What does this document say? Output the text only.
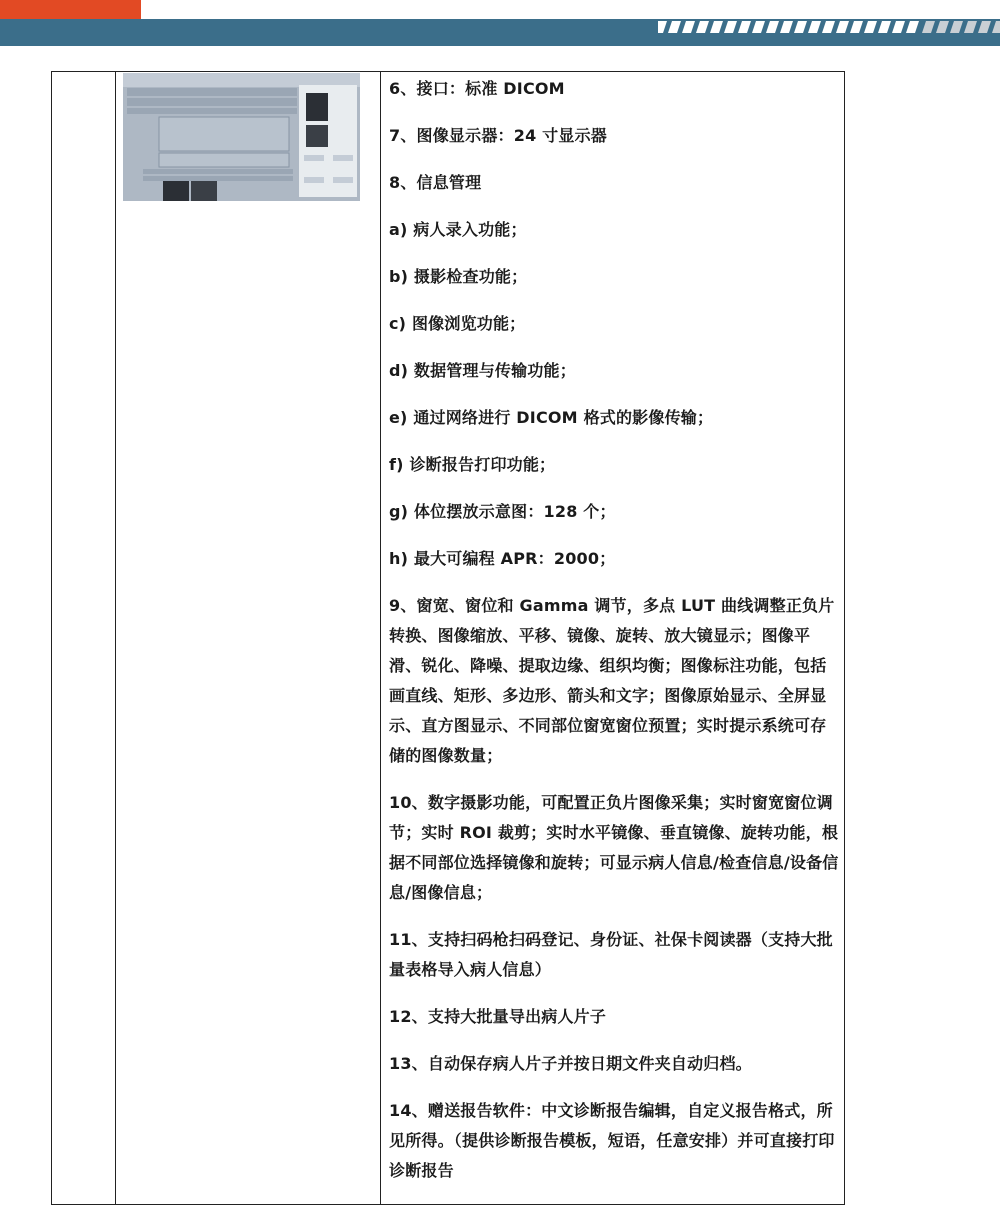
6、接口：标准 DICOM

7、图像显示器：24 寸显示器

8、信息管理

a) 病人录入功能；

b) 摄影检查功能；

c) 图像浏览功能；

d) 数据管理与传输功能；

e) 通过网络进行 DICOM 格式的影像传输；

f) 诊断报告打印功能；

g) 体位摆放示意图：128 个；

h) 最大可编程 APR：2000；

9、窗宽、窗位和 Gamma 调节，多点 LUT 曲线调整正负片转换、图像缩放、平移、镜像、旋转、放大镜显示；图像平滑、锐化、降噪、提取边缘、组织均衡；图像标注功能，包括画直线、矩形、多边形、箭头和文字；图像原始显示、全屏显示、直方图显示、不同部位窗宽窗位预置；实时提示系统可存储的图像数量；

10、数字摄影功能，可配置正负片图像采集；实时窗宽窗位调节；实时 ROI 裁剪；实时水平镜像、垂直镜像、旋转功能，根据不同部位选择镜像和旋转；可显示病人信息/检查信息/设备信息/图像信息；

11、支持扫码枪扫码登记、身份证、社保卡阅读器（支持大批量表格导入病人信息）

12、支持大批量导出病人片子

13、自动保存病人片子并按日期文件夹自动归档。

14、赠送报告软件：中文诊断报告编辑，自定义报告格式，所见所得。（提供诊断报告模板，短语，任意安排）并可直接打印诊断报告
